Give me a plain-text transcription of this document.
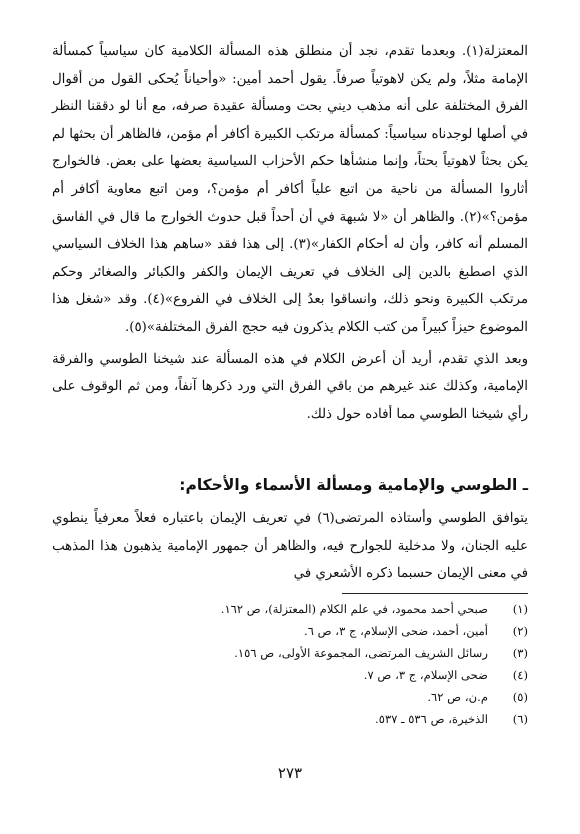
المعتزلة(١). وبعدما تقدم، نجد أن منطلق هذه المسألة الكلامية كان سياسياً كمسألة الإمامة مثلاً، ولم يكن لاهوتياً صرفاً. يقول أحمد أمين: «وأحياناً يُحكى القول من أقوال الفرق المختلفة على أنه مذهب ديني بحت ومسألة عقيدة صرفه، مع أنا لو دققنا النظر في أصلها لوجدناه سياسياً: كمسألة مرتكب الكبيرة أكافر أم مؤمن، فالظاهر أن بحثها لم يكن بحثاً لاهوتياً بحتاً، وإنما منشأها حكم الأحزاب السياسية بعضها على بعض. فالخوارج أثاروا المسألة من ناحية من اتبع علياً أكافر أم مؤمن؟، ومن اتبع معاوية أكافر أم مؤمن؟»(٢). والظاهر أن «لا شبهة في أن أحداً قبل حدوث الخوارج ما قال في الفاسق المسلم أنه كافر، وأن له أحكام الكفار»(٣). إلى هذا فقد «ساهم هذا الخلاف السياسي الذي اصطبغ بالدين إلى الخلاف في تعريف الإيمان والكفر والكبائر والصغائر وحكم مرتكب الكبيرة ونحو ذلك، وانساقوا بعدُ إلى الخلاف في الفروع»(٤). وقد «شغل هذا الموضوع حيزاً كبيراً من كتب الكلام يذكرون فيه حجج الفرق المختلفة»(٥).

وبعد الذي تقدم، أريد أن أعرض الكلام في هذه المسألة عند شيخنا الطوسي والفرقة الإمامية، وكذلك عند غيرهم من باقي الفرق التي ورد ذكرها آنفاً، ومن ثم الوقوف على رأي شيخنا الطوسي مما أفاده حول ذلك.

ـ الطوسي والإمامية ومسألة الأسماء والأحكام:

يتوافق الطوسي وأستاذه المرتضى(٦) في تعريف الإيمان باعتباره فعلاً معرفياً ينطوي عليه الجنان، ولا مدخلية للجوارح فيه، والظاهر أن جمهور الإمامية يذهبون هذا المذهب في معنى الإيمان حسبما ذكره الأشعري في

(١)
صبحي أحمد محمود، في علم الكلام (المعتزلة)، ص ١٦٢.
(٢)
أمين، أحمد، ضحى الإسلام، ج ٣، ص ٦.
(٣)
رسائل الشريف المرتضى، المجموعة الأولى، ص ١٥٦.
(٤)
ضحى الإسلام، ج ٣، ص ٧.
(٥)
م.ن، ص ٦٢.
(٦)
الذخيرة، ص ٥٣٦ ـ ٥٣٧.
٢٧٣
